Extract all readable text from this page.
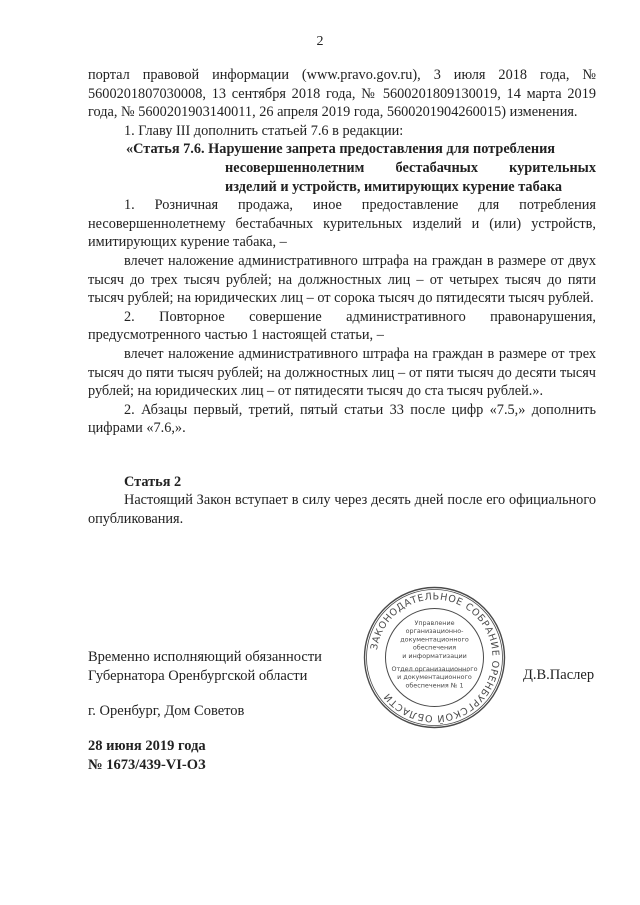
2

портал правовой информации (www.pravo.gov.ru), 3 июля 2018 года, № 5600201807030008, 13 сентября 2018 года, № 5600201809130019, 14 марта 2019 года, № 5600201903140011, 26 апреля 2019 года, 5600201904260015) изменения.

1. Главу III дополнить статьей 7.6 в редакции:

«Статья 7.6. Нарушение запрета предоставления для потребления

несовершеннолетним бестабачных курительных изделий и устройств, имитирующих курение табака

1. Розничная продажа, иное предоставление для потребления несовершеннолетнему бестабачных курительных изделий и (или) устройств, имитирующих курение табака, –

влечет наложение административного штрафа на граждан в размере от двух тысяч до трех тысяч рублей; на должностных лиц – от четырех тысяч до пяти тысяч рублей; на юридических лиц – от сорока тысяч до пятидесяти тысяч рублей.

2. Повторное совершение административного правонарушения, предусмотренного частью 1 настоящей статьи, –

влечет наложение административного штрафа на граждан в размере от трех тысяч до пяти тысяч рублей; на должностных лиц – от пяти тысяч до десяти тысяч рублей; на юридических лиц – от пятидесяти тысяч до ста тысяч рублей.».

2. Абзацы первый, третий, пятый статьи 33 после цифр «7.5,» дополнить цифрами «7.6,».

Статья 2

Настоящий Закон вступает в силу через десять дней после его официального опубликования.

ЗАКОНОДАТЕЛЬНОЕ СОБРАНИЕ ОРЕНБУРГСКОЙ ОБЛАСТИ
Управление
организационно-
документационного
обеспечения
и информатизации
Отдел организационного
и документационного
обеспечения № 1
Временно исполняющий обязанности
Губернатора Оренбургской области	Д.В.Паслер
г. Оренбург, Дом Советов
28 июня 2019 года
№ 1673/439-VI-ОЗ
